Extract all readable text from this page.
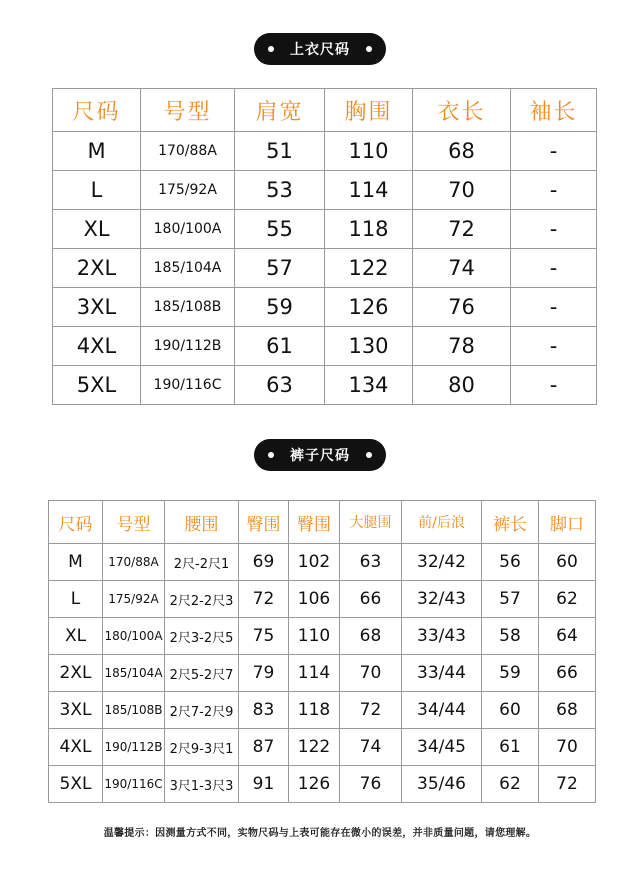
上衣尺码
尺码	号型	肩宽	胸围	衣长	袖长
M	170/88A	51	110	68	-
L	175/92A	53	114	70	-
XL	180/100A	55	118	72	-
2XL	185/104A	57	122	74	-
3XL	185/108B	59	126	76	-
4XL	190/112B	61	130	78	-
5XL	190/116C	63	134	80	-
裤子尺码
尺码	号型	腰围	臀围	臀围	大腿围	前/后浪	裤长	脚口
M	170/88A	2尺-2尺1	69	102	63	32/42	56	60
L	175/92A	2尺2-2尺3	72	106	66	32/43	57	62
XL	180/100A	2尺3-2尺5	75	110	68	33/43	58	64
2XL	185/104A	2尺5-2尺7	79	114	70	33/44	59	66
3XL	185/108B	2尺7-2尺9	83	118	72	34/44	60	68
4XL	190/112B	2尺9-3尺1	87	122	74	34/45	61	70
5XL	190/116C	3尺1-3尺3	91	126	76	35/46	62	72
温馨提示：因测量方式不同，实物尺码与上表可能存在微小的误差，并非质量问题，请您理解。
